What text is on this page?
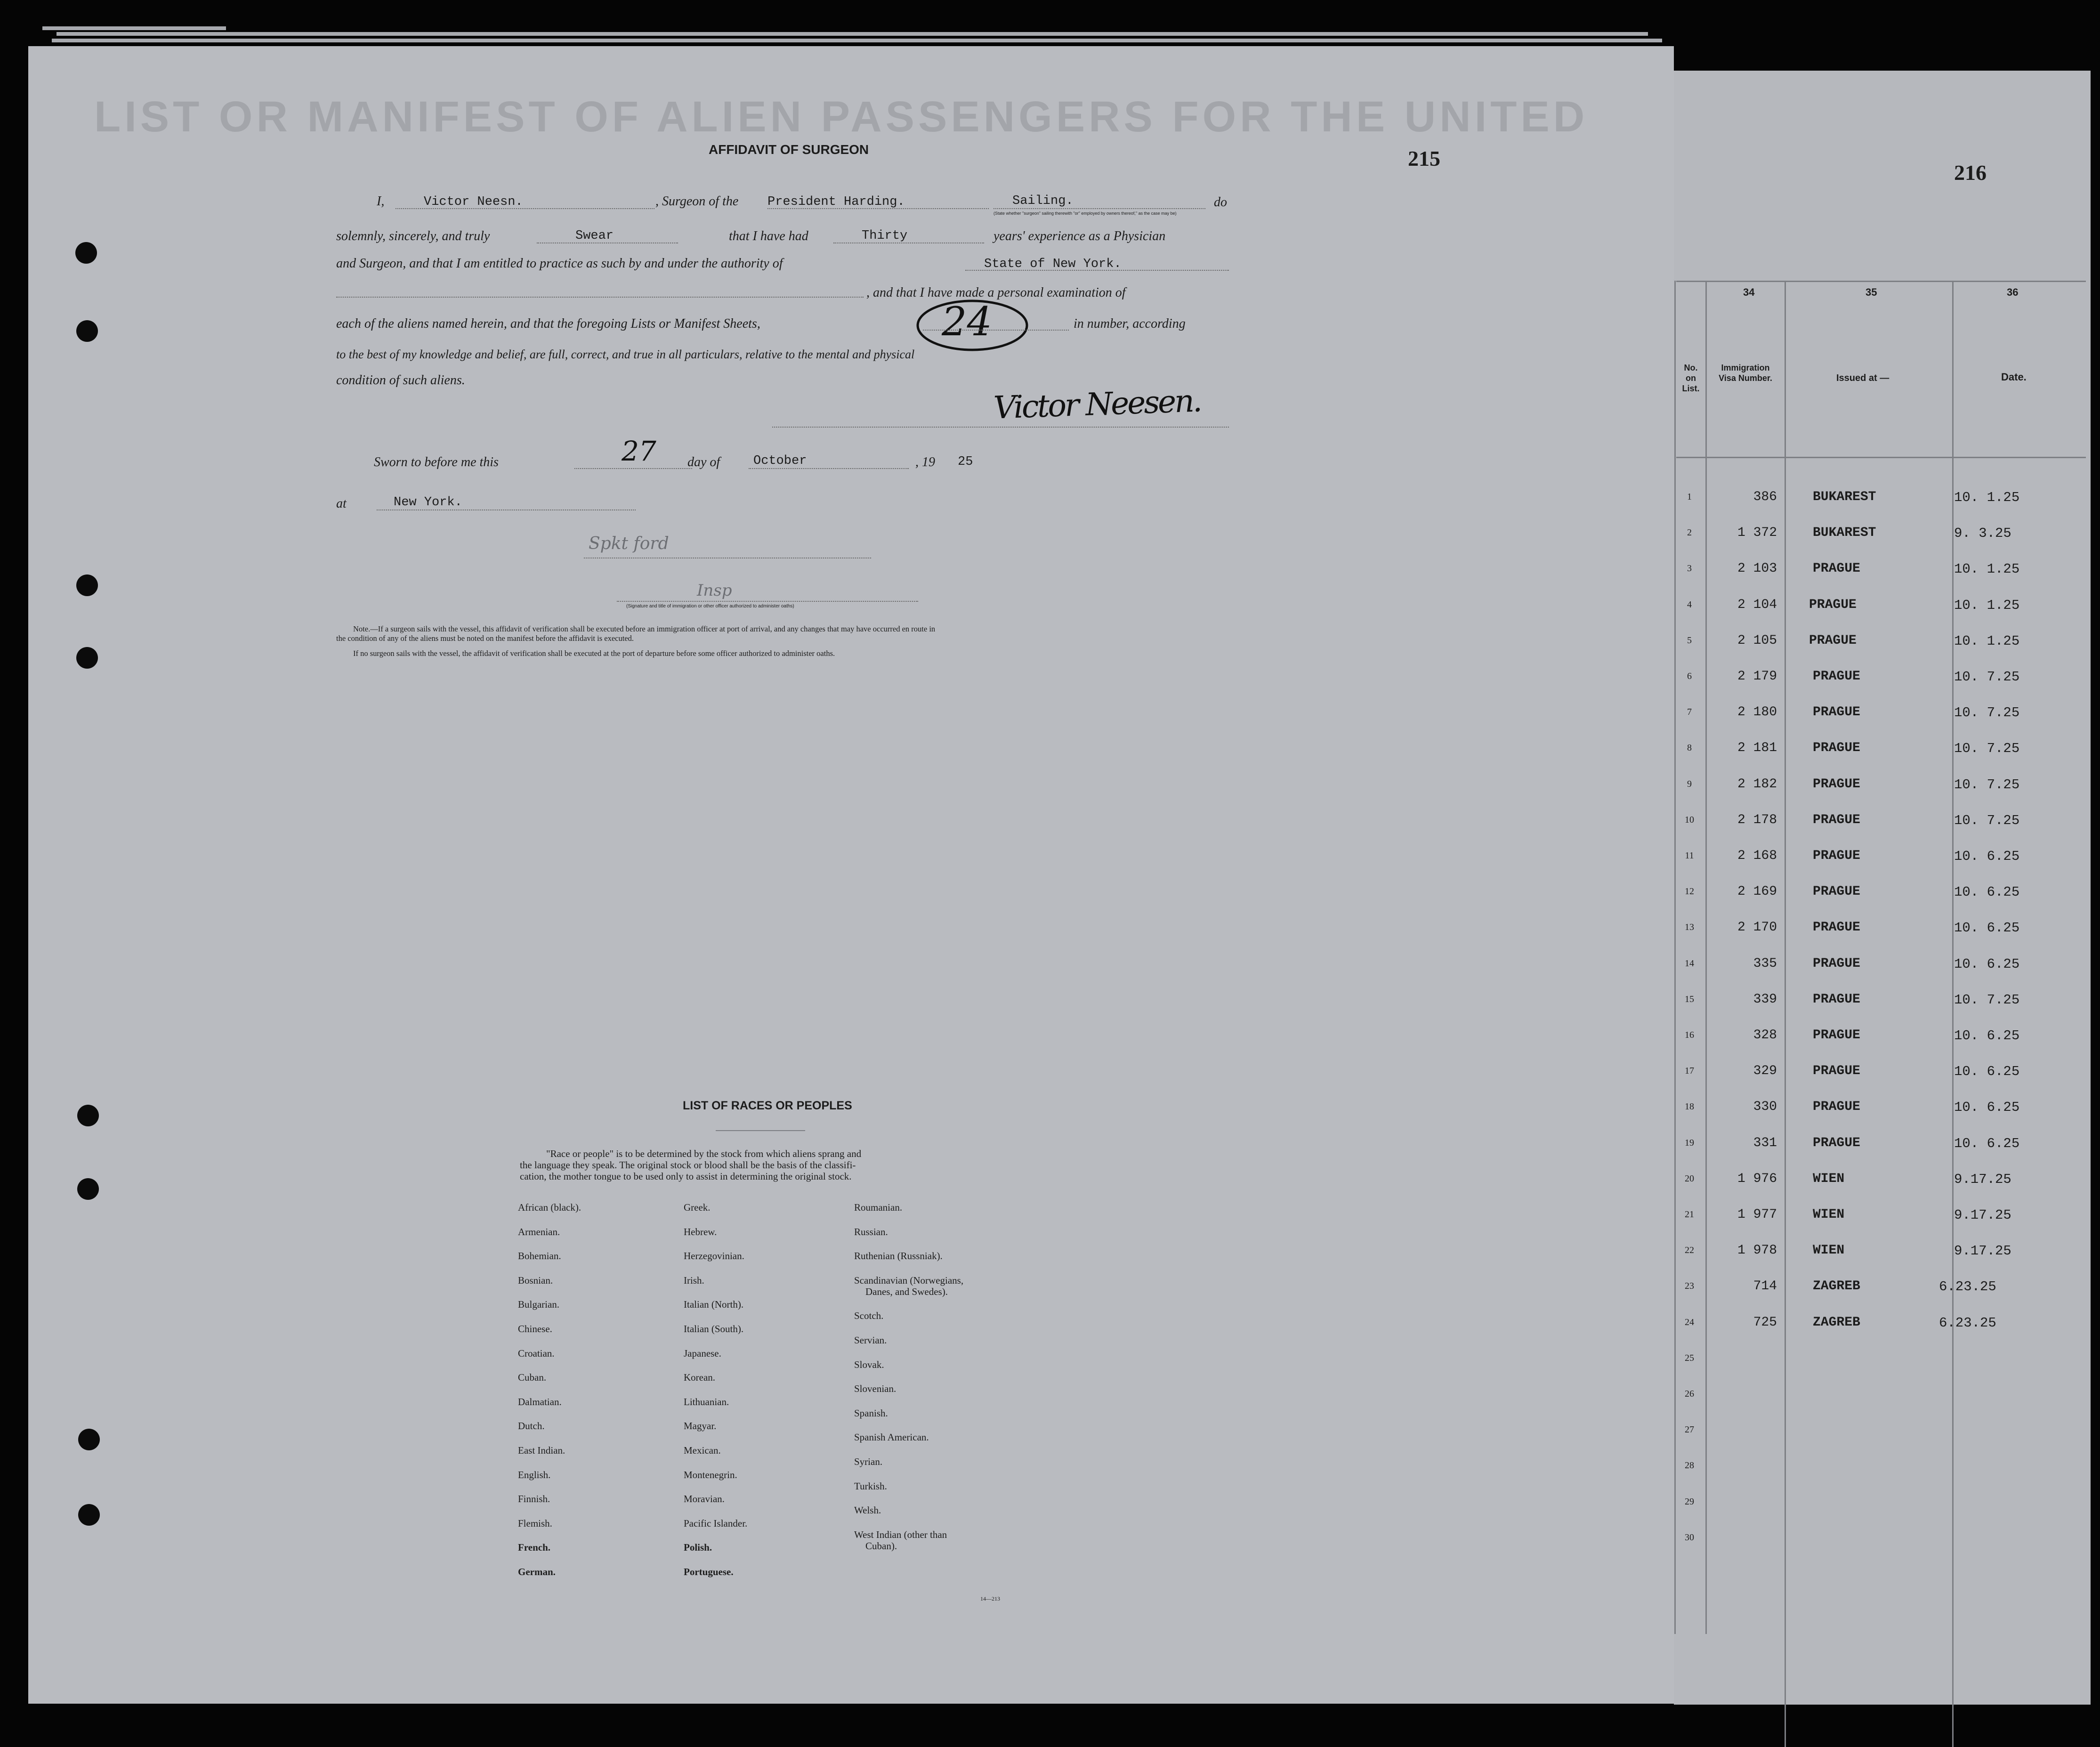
LIST OR MANIFEST OF ALIEN PASSENGERS FOR THE UNITED
215
216
AFFIDAVIT OF SURGEON
I,	Victor Neesn.	, Surgeon of the President Harding.	Sailing.
(State whether "surgeon" sailing therewith "or" employed by owners thereof," as the case may be)
do
solemnly, sincerely, and truly	Swear	that I have had	Thirty	years' experience as a Physician
and Surgeon, and that I am entitled to practice as such by and under the authority of	State of New York.
, and that I have made a personal examination of
each of the aliens named herein, and that the foregoing Lists or Manifest Sheets,	24	in number, according
to the best of my knowledge and belief, are full, correct, and true in all particulars, relative to the mental and physical
condition of such aliens.
Victor Neesen.
Sworn to before me this	27 day of	October	, 19 25
at	New York.
Spkt ford
Insp
(Signature and title of immigration or other officer authorized to administer oaths)
Note.—If a surgeon sails with the vessel, this affidavit of verification shall be executed before an immigration officer at port of arrival, and any changes that may have occurred en route in
the condition of any of the aliens must be noted on the manifest before the affidavit is executed.
If no surgeon sails with the vessel, the affidavit of verification shall be executed at the port of departure before some officer authorized to administer oaths.
LIST OF RACES OR PEOPLES
"Race or people" is to be determined by the stock from which aliens sprang and
the language they speak. The original stock or blood shall be the basis of the classifi-
cation, the mother tongue to be used only to assist in determining the original stock.
African (black).
Armenian.
Bohemian.
Bosnian.
Bulgarian.
Chinese.
Croatian.
Cuban.
Dalmatian.
Dutch.
East Indian.
English.
Finnish.
Flemish.
French.
German.
Greek.
Hebrew.
Herzegovinian.
Irish.
Italian (North).
Italian (South).
Japanese.
Korean.
Lithuanian.
Magyar.
Mexican.
Montenegrin.
Moravian.
Pacific Islander.
Polish.
Portuguese.
Roumanian.
Russian.
Ruthenian (Russniak).
Scandinavian (Norwegians,
Danes, and Swedes).
Scotch.
Servian.
Slovak.
Slovenian.
Spanish.
Spanish American.
Syrian.
Turkish.
Welsh.
West Indian (other than
Cuban).
14—213
34	35	36
No. on List.
Immigration Visa Number.	Issued at —	Date.
1	386	BUKAREST	10. 1.25
2	1 372	BUKAREST	9. 3.25
3	2 103	PRAGUE	10. 1.25
4	2 104 PRAGUE	10. 1.25
5	2 105 PRAGUE	10. 1.25
6	2 179	PRAGUE	10. 7.25
7	2 180	PRAGUE	10. 7.25
8	2 181	PRAGUE	10. 7.25
9	2 182	PRAGUE	10. 7.25
10	2 178	PRAGUE	10. 7.25
11	2 168	PRAGUE	10. 6.25
12	2 169	PRAGUE	10. 6.25
13	2 170	PRAGUE	10. 6.25
14	335	PRAGUE	10. 6.25
15	339	PRAGUE	10. 7.25
16	328	PRAGUE	10. 6.25
17	329	PRAGUE	10. 6.25
18	330	PRAGUE	10. 6.25
19	331	PRAGUE	10. 6.25
20	1 976	WIEN	9.17.25
21	1 977	WIEN	9.17.25
22	1 978	WIEN	9.17.25
23	714	ZAGREB	6.23.25
24	725	ZAGREB	6.23.25
25
26
27
28
29
30
